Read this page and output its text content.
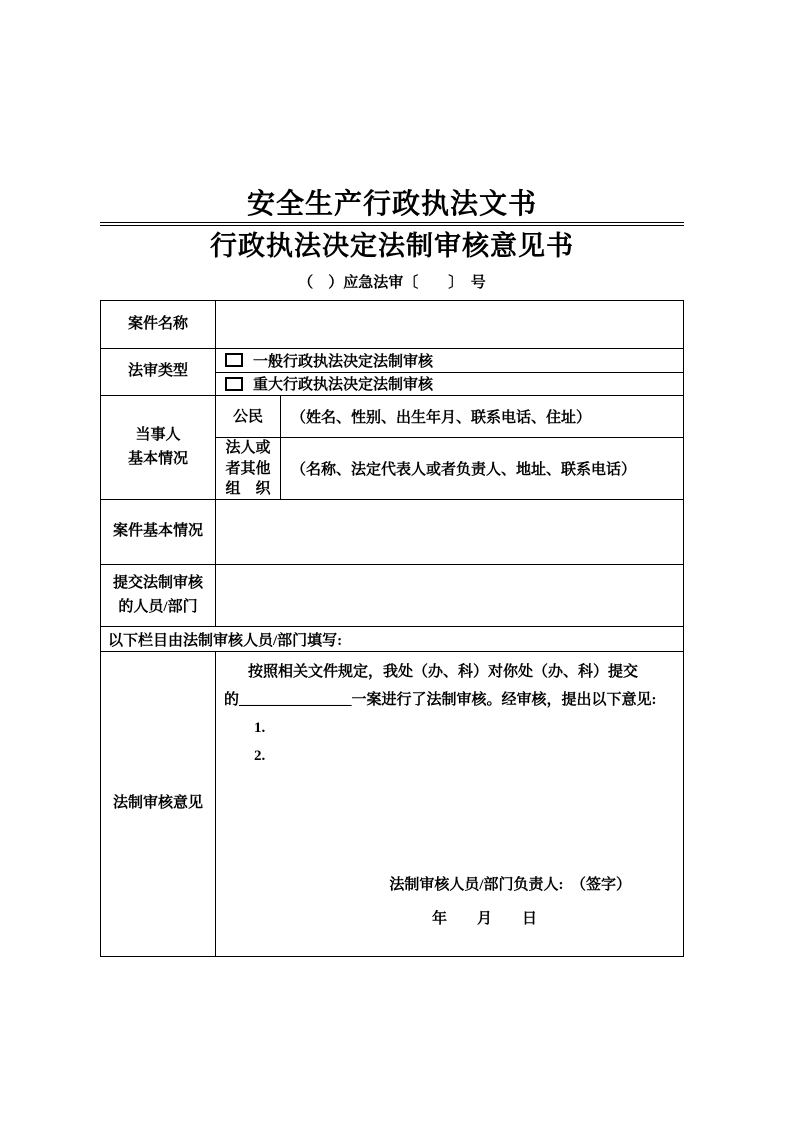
安全生产行政执法文书
行政执法决定法制审核意见书
（　）应急法审〔　　〕　号
案件名称
法审类型
一般行政执法决定法制审核
重大行政执法决定法制审核
当事人
基本情况
公民	（姓名、性别、出生年月、联系电话、住址）
法人或
者其他
组　织
（名称、法定代表人或者负责人、地址、联系电话）
案件基本情况
提交法制审核
的人员/部门
以下栏目由法制审核人员/部门填写:
法制审核意见
按照相关文件规定，我处（办、科）对你处（办、科）提交
的_______________一案进行了法制审核。经审核，提出以下意见:
1.
2.
法制审核人员/部门负责人:　（签字）
年　　月　　日
